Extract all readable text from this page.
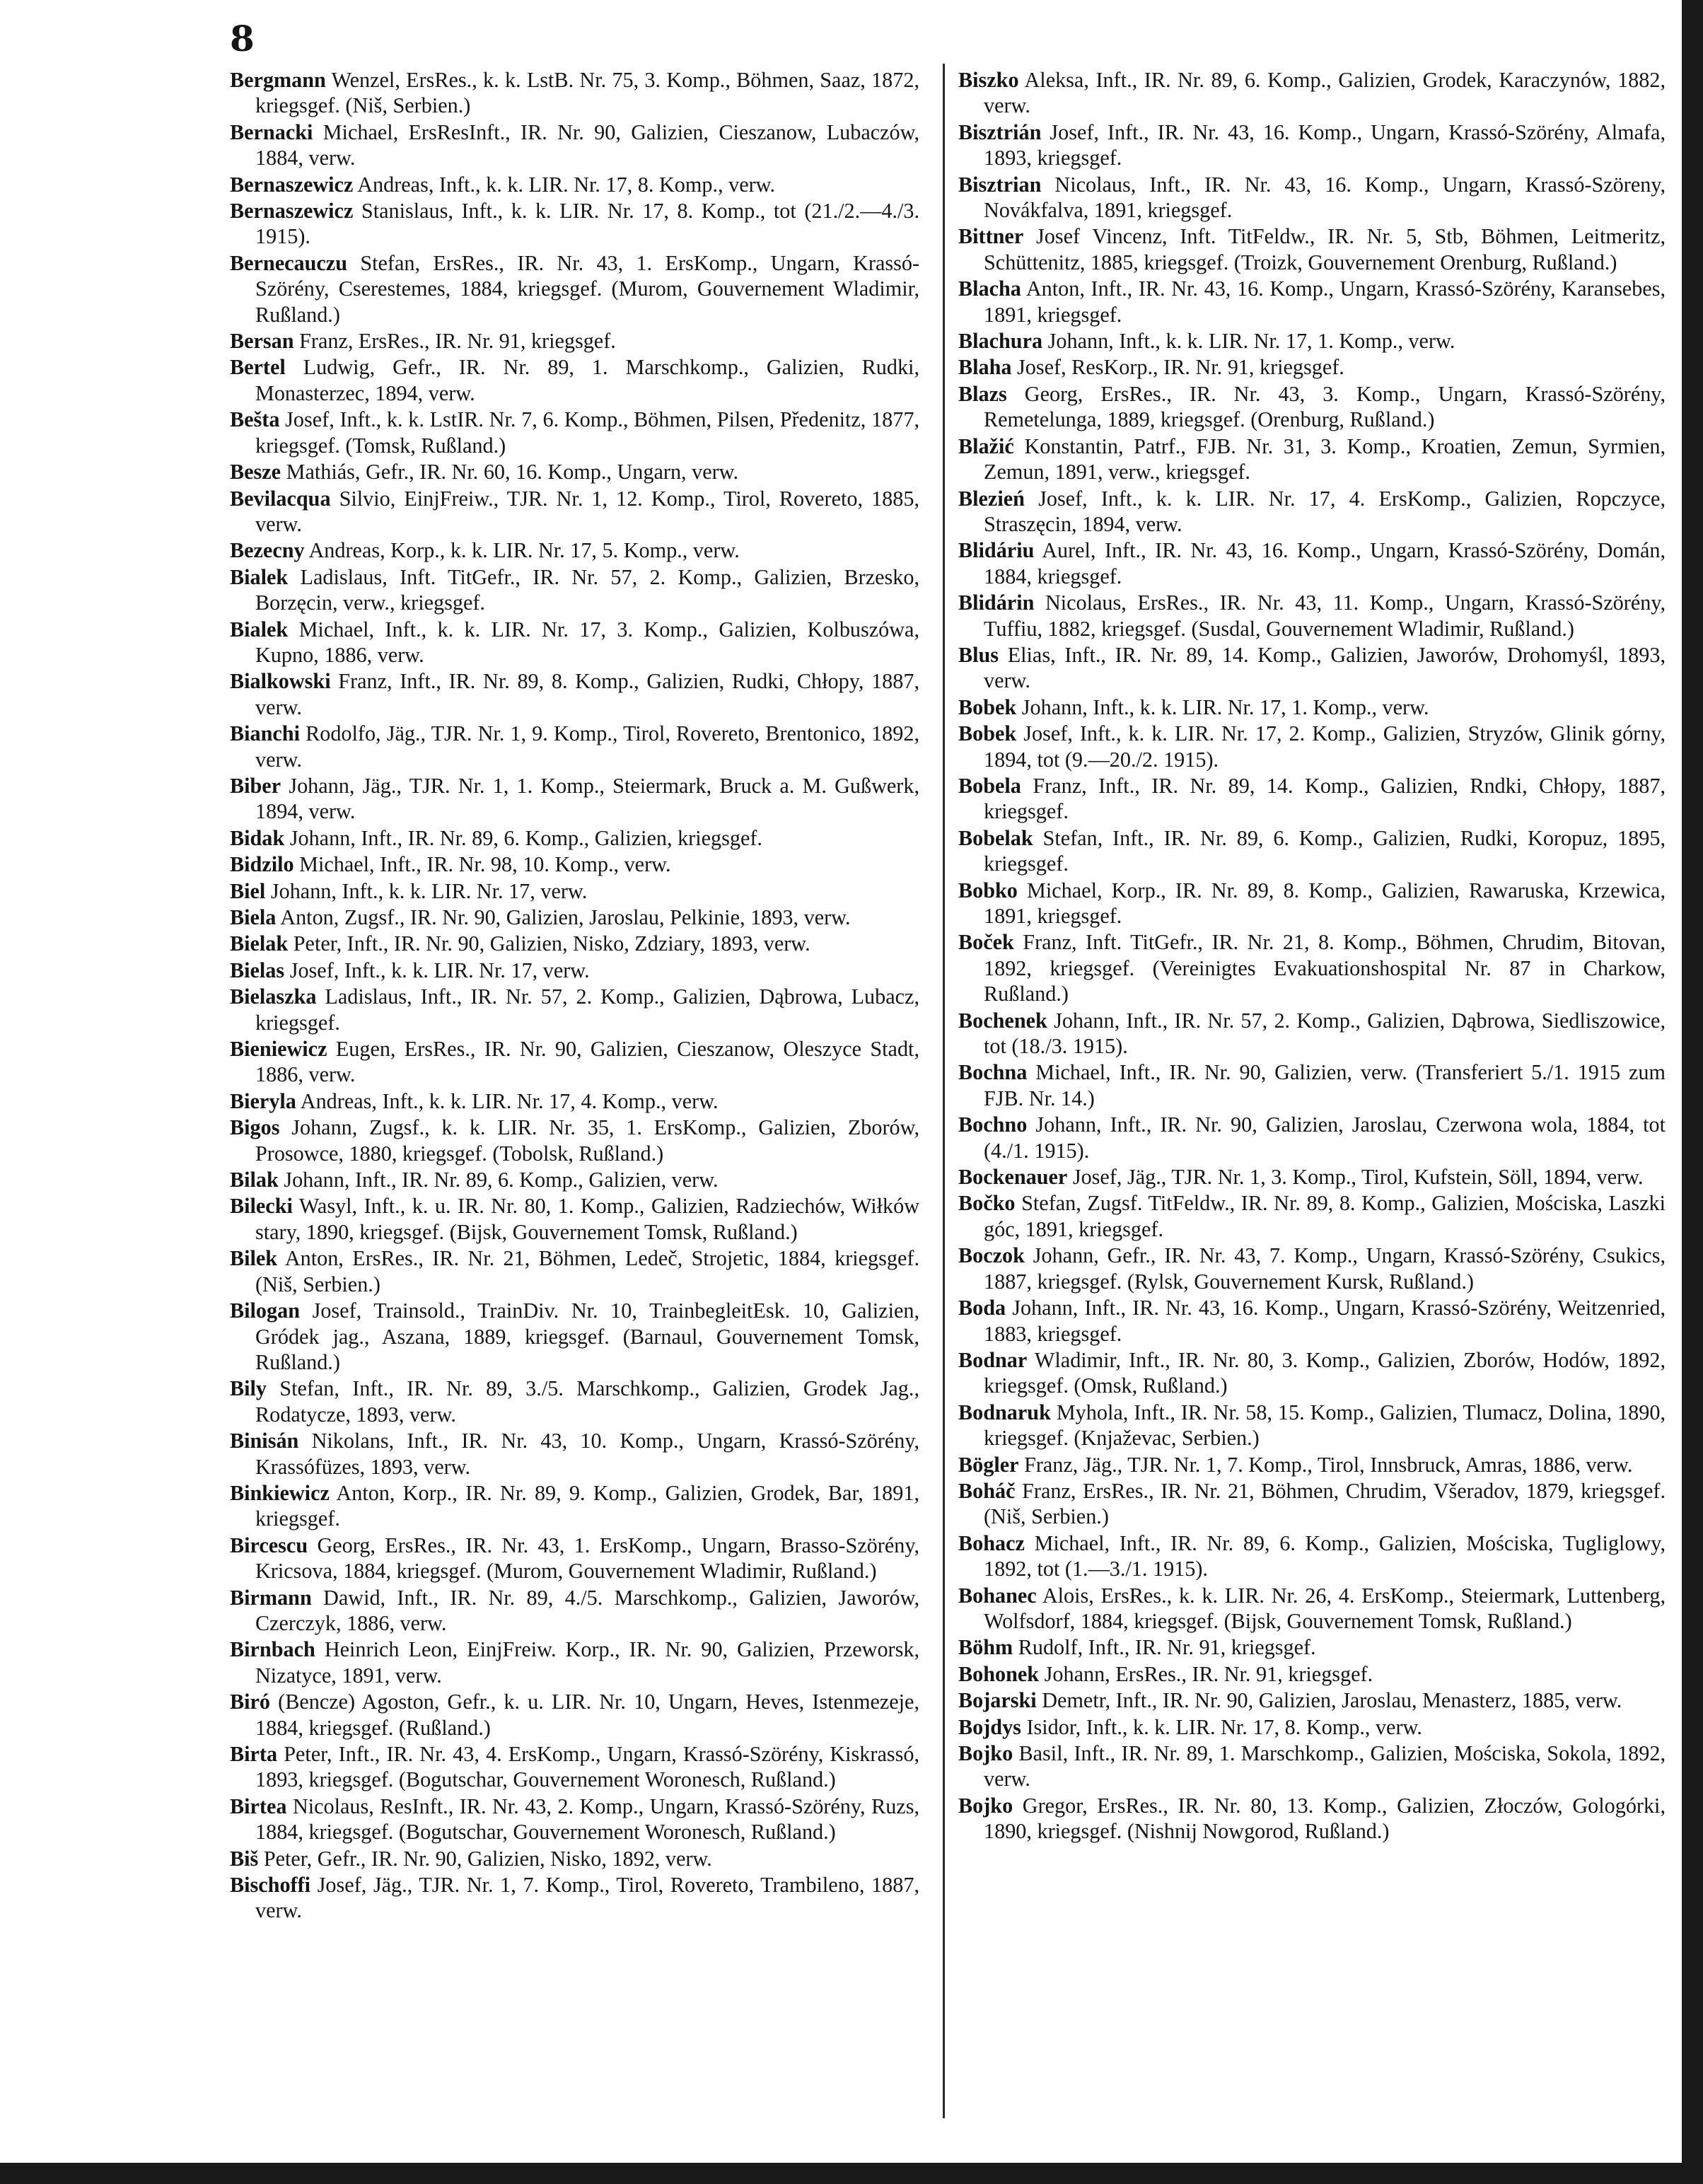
8

Bergmann Wenzel, ErsRes., k. k. LstB. Nr. 75, 3. Komp., Böhmen, Saaz, 1872, kriegsgef. (Niš, Serbien.)

Bernacki Michael, ErsResInft., IR. Nr. 90, Galizien, Cieszanow, Lubaczów, 1884, verw.

Bernaszewicz Andreas, Inft., k. k. LIR. Nr. 17, 8. Komp., verw.

Bernaszewicz Stanislaus, Inft., k. k. LIR. Nr. 17, 8. Komp., tot (21./2.—4./3. 1915).

Bernecauczu Stefan, ErsRes., IR. Nr. 43, 1. ErsKomp., Ungarn, Krassó-Szörény, Cserestemes, 1884, kriegsgef. (Murom, Gouvernement Wladimir, Rußland.)

Bersan Franz, ErsRes., IR. Nr. 91, kriegsgef.

Bertel Ludwig, Gefr., IR. Nr. 89, 1. Marschkomp., Galizien, Rudki, Monasterzec, 1894, verw.

Bešta Josef, Inft., k. k. LstIR. Nr. 7, 6. Komp., Böhmen, Pilsen, Předenitz, 1877, kriegsgef. (Tomsk, Rußland.)

Besze Mathiás, Gefr., IR. Nr. 60, 16. Komp., Ungarn, verw.

Bevilacqua Silvio, EinjFreiw., TJR. Nr. 1, 12. Komp., Tirol, Rovereto, 1885, verw.

Bezecny Andreas, Korp., k. k. LIR. Nr. 17, 5. Komp., verw.

Bialek Ladislaus, Inft. TitGefr., IR. Nr. 57, 2. Komp., Galizien, Brzesko, Borzęcin, verw., kriegsgef.

Bialek Michael, Inft., k. k. LIR. Nr. 17, 3. Komp., Galizien, Kolbuszówa, Kupno, 1886, verw.

Bialkowski Franz, Inft., IR. Nr. 89, 8. Komp., Galizien, Rudki, Chłopy, 1887, verw.

Bianchi Rodolfo, Jäg., TJR. Nr. 1, 9. Komp., Tirol, Rovereto, Brentonico, 1892, verw.

Biber Johann, Jäg., TJR. Nr. 1, 1. Komp., Steiermark, Bruck a. M. Gußwerk, 1894, verw.

Bidak Johann, Inft., IR. Nr. 89, 6. Komp., Galizien, kriegsgef.

Bidzilo Michael, Inft., IR. Nr. 98, 10. Komp., verw.

Biel Johann, Inft., k. k. LIR. Nr. 17, verw.

Biela Anton, Zugsf., IR. Nr. 90, Galizien, Jaroslau, Pelkinie, 1893, verw.

Bielak Peter, Inft., IR. Nr. 90, Galizien, Nisko, Zdziary, 1893, verw.

Bielas Josef, Inft., k. k. LIR. Nr. 17, verw.

Bielaszka Ladislaus, Inft., IR. Nr. 57, 2. Komp., Galizien, Dąbrowa, Lubacz, kriegsgef.

Bieniewicz Eugen, ErsRes., IR. Nr. 90, Galizien, Cieszanow, Oleszyce Stadt, 1886, verw.

Bieryla Andreas, Inft., k. k. LIR. Nr. 17, 4. Komp., verw.

Bigos Johann, Zugsf., k. k. LIR. Nr. 35, 1. ErsKomp., Galizien, Zborów, Prosowce, 1880, kriegsgef. (Tobolsk, Rußland.)

Bilak Johann, Inft., IR. Nr. 89, 6. Komp., Galizien, verw.

Bilecki Wasyl, Inft., k. u. IR. Nr. 80, 1. Komp., Galizien, Radziechów, Wiłków stary, 1890, kriegsgef. (Bijsk, Gouvernement Tomsk, Rußland.)

Bilek Anton, ErsRes., IR. Nr. 21, Böhmen, Ledeč, Strojetic, 1884, kriegsgef. (Niš, Serbien.)

Bilogan Josef, Trainsold., TrainDiv. Nr. 10, TrainbegleitEsk. 10, Galizien, Gródek jag., Aszana, 1889, kriegsgef. (Barnaul, Gouvernement Tomsk, Rußland.)

Bily Stefan, Inft., IR. Nr. 89, 3./5. Marschkomp., Galizien, Grodek Jag., Rodatycze, 1893, verw.

Binisán Nikolans, Inft., IR. Nr. 43, 10. Komp., Ungarn, Krassó-Szörény, Krassófüzes, 1893, verw.

Binkiewicz Anton, Korp., IR. Nr. 89, 9. Komp., Galizien, Grodek, Bar, 1891, kriegsgef.

Bircescu Georg, ErsRes., IR. Nr. 43, 1. ErsKomp., Ungarn, Brasso-Szörény, Kricsova, 1884, kriegsgef. (Murom, Gouvernement Wladimir, Rußland.)

Birmann Dawid, Inft., IR. Nr. 89, 4./5. Marschkomp., Galizien, Jaworów, Czerczyk, 1886, verw.

Birnbach Heinrich Leon, EinjFreiw. Korp., IR. Nr. 90, Galizien, Przeworsk, Nizatyce, 1891, verw.

Biró (Bencze) Agoston, Gefr., k. u. LIR. Nr. 10, Ungarn, Heves, Istenmezeje, 1884, kriegsgef. (Rußland.)

Birta Peter, Inft., IR. Nr. 43, 4. ErsKomp., Ungarn, Krassó-Szörény, Kiskrassó, 1893, kriegsgef. (Bogutschar, Gouvernement Woronesch, Rußland.)

Birtea Nicolaus, ResInft., IR. Nr. 43, 2. Komp., Ungarn, Krassó-Szörény, Ruzs, 1884, kriegsgef. (Bogutschar, Gouvernement Woronesch, Rußland.)

Biš Peter, Gefr., IR. Nr. 90, Galizien, Nisko, 1892, verw.

Bischoffi Josef, Jäg., TJR. Nr. 1, 7. Komp., Tirol, Rovereto, Trambileno, 1887, verw.

Biszko Aleksa, Inft., IR. Nr. 89, 6. Komp., Galizien, Grodek, Karaczynów, 1882, verw.

Bisztrián Josef, Inft., IR. Nr. 43, 16. Komp., Ungarn, Krassó-Szörény, Almafa, 1893, kriegsgef.

Bisztrian Nicolaus, Inft., IR. Nr. 43, 16. Komp., Ungarn, Krassó-Szöreny, Novákfalva, 1891, kriegsgef.

Bittner Josef Vincenz, Inft. TitFeldw., IR. Nr. 5, Stb, Böhmen, Leitmeritz, Schüttenitz, 1885, kriegsgef. (Troizk, Gouvernement Orenburg, Rußland.)

Blacha Anton, Inft., IR. Nr. 43, 16. Komp., Ungarn, Krassó-Szörény, Karansebes, 1891, kriegsgef.

Blachura Johann, Inft., k. k. LIR. Nr. 17, 1. Komp., verw.

Blaha Josef, ResKorp., IR. Nr. 91, kriegsgef.

Blazs Georg, ErsRes., IR. Nr. 43, 3. Komp., Ungarn, Krassó-Szörény, Remetelunga, 1889, kriegsgef. (Orenburg, Rußland.)

Blažić Konstantin, Patrf., FJB. Nr. 31, 3. Komp., Kroatien, Zemun, Syrmien, Zemun, 1891, verw., kriegsgef.

Blezień Josef, Inft., k. k. LIR. Nr. 17, 4. ErsKomp., Galizien, Ropczyce, Straszęcin, 1894, verw.

Blidáriu Aurel, Inft., IR. Nr. 43, 16. Komp., Ungarn, Krassó-Szörény, Domán, 1884, kriegsgef.

Blidárin Nicolaus, ErsRes., IR. Nr. 43, 11. Komp., Ungarn, Krassó-Szörény, Tuffiu, 1882, kriegsgef. (Susdal, Gouvernement Wladimir, Rußland.)

Blus Elias, Inft., IR. Nr. 89, 14. Komp., Galizien, Jaworów, Drohomyśl, 1893, verw.

Bobek Johann, Inft., k. k. LIR. Nr. 17, 1. Komp., verw.

Bobek Josef, Inft., k. k. LIR. Nr. 17, 2. Komp., Galizien, Stryzów, Glinik górny, 1894, tot (9.—20./2. 1915).

Bobela Franz, Inft., IR. Nr. 89, 14. Komp., Galizien, Rndki, Chłopy, 1887, kriegsgef.

Bobelak Stefan, Inft., IR. Nr. 89, 6. Komp., Galizien, Rudki, Koropuz, 1895, kriegsgef.

Bobko Michael, Korp., IR. Nr. 89, 8. Komp., Galizien, Rawaruska, Krzewica, 1891, kriegsgef.

Boček Franz, Inft. TitGefr., IR. Nr. 21, 8. Komp., Böhmen, Chrudim, Bitovan, 1892, kriegsgef. (Vereinigtes Evakuationshospital Nr. 87 in Charkow, Rußland.)

Bochenek Johann, Inft., IR. Nr. 57, 2. Komp., Galizien, Dąbrowa, Siedliszowice, tot (18./3. 1915).

Bochna Michael, Inft., IR. Nr. 90, Galizien, verw. (Transferiert 5./1. 1915 zum FJB. Nr. 14.)

Bochno Johann, Inft., IR. Nr. 90, Galizien, Jaroslau, Czerwona wola, 1884, tot (4./1. 1915).

Bockenauer Josef, Jäg., TJR. Nr. 1, 3. Komp., Tirol, Kufstein, Söll, 1894, verw.

Bočko Stefan, Zugsf. TitFeldw., IR. Nr. 89, 8. Komp., Galizien, Mościska, Laszki góc, 1891, kriegsgef.

Boczok Johann, Gefr., IR. Nr. 43, 7. Komp., Ungarn, Krassó-Szörény, Csukics, 1887, kriegsgef. (Rylsk, Gouvernement Kursk, Rußland.)

Boda Johann, Inft., IR. Nr. 43, 16. Komp., Ungarn, Krassó-Szörény, Weitzenried, 1883, kriegsgef.

Bodnar Wladimir, Inft., IR. Nr. 80, 3. Komp., Galizien, Zborów, Hodów, 1892, kriegsgef. (Omsk, Rußland.)

Bodnaruk Myhola, Inft., IR. Nr. 58, 15. Komp., Galizien, Tlumacz, Dolina, 1890, kriegsgef. (Knjaževac, Serbien.)

Bögler Franz, Jäg., TJR. Nr. 1, 7. Komp., Tirol, Innsbruck, Amras, 1886, verw.

Boháč Franz, ErsRes., IR. Nr. 21, Böhmen, Chrudim, Všeradov, 1879, kriegsgef. (Niš, Serbien.)

Bohacz Michael, Inft., IR. Nr. 89, 6. Komp., Galizien, Mościska, Tugliglowy, 1892, tot (1.—3./1. 1915).

Bohanec Alois, ErsRes., k. k. LIR. Nr. 26, 4. ErsKomp., Steiermark, Luttenberg, Wolfsdorf, 1884, kriegsgef. (Bijsk, Gouvernement Tomsk, Rußland.)

Böhm Rudolf, Inft., IR. Nr. 91, kriegsgef.

Bohonek Johann, ErsRes., IR. Nr. 91, kriegsgef.

Bojarski Demetr, Inft., IR. Nr. 90, Galizien, Jaroslau, Menasterz, 1885, verw.

Bojdys Isidor, Inft., k. k. LIR. Nr. 17, 8. Komp., verw.

Bojko Basil, Inft., IR. Nr. 89, 1. Marschkomp., Galizien, Mościska, Sokola, 1892, verw.

Bojko Gregor, ErsRes., IR. Nr. 80, 13. Komp., Galizien, Złoczów, Gologórki, 1890, kriegsgef. (Nishnij Nowgorod, Rußland.)
